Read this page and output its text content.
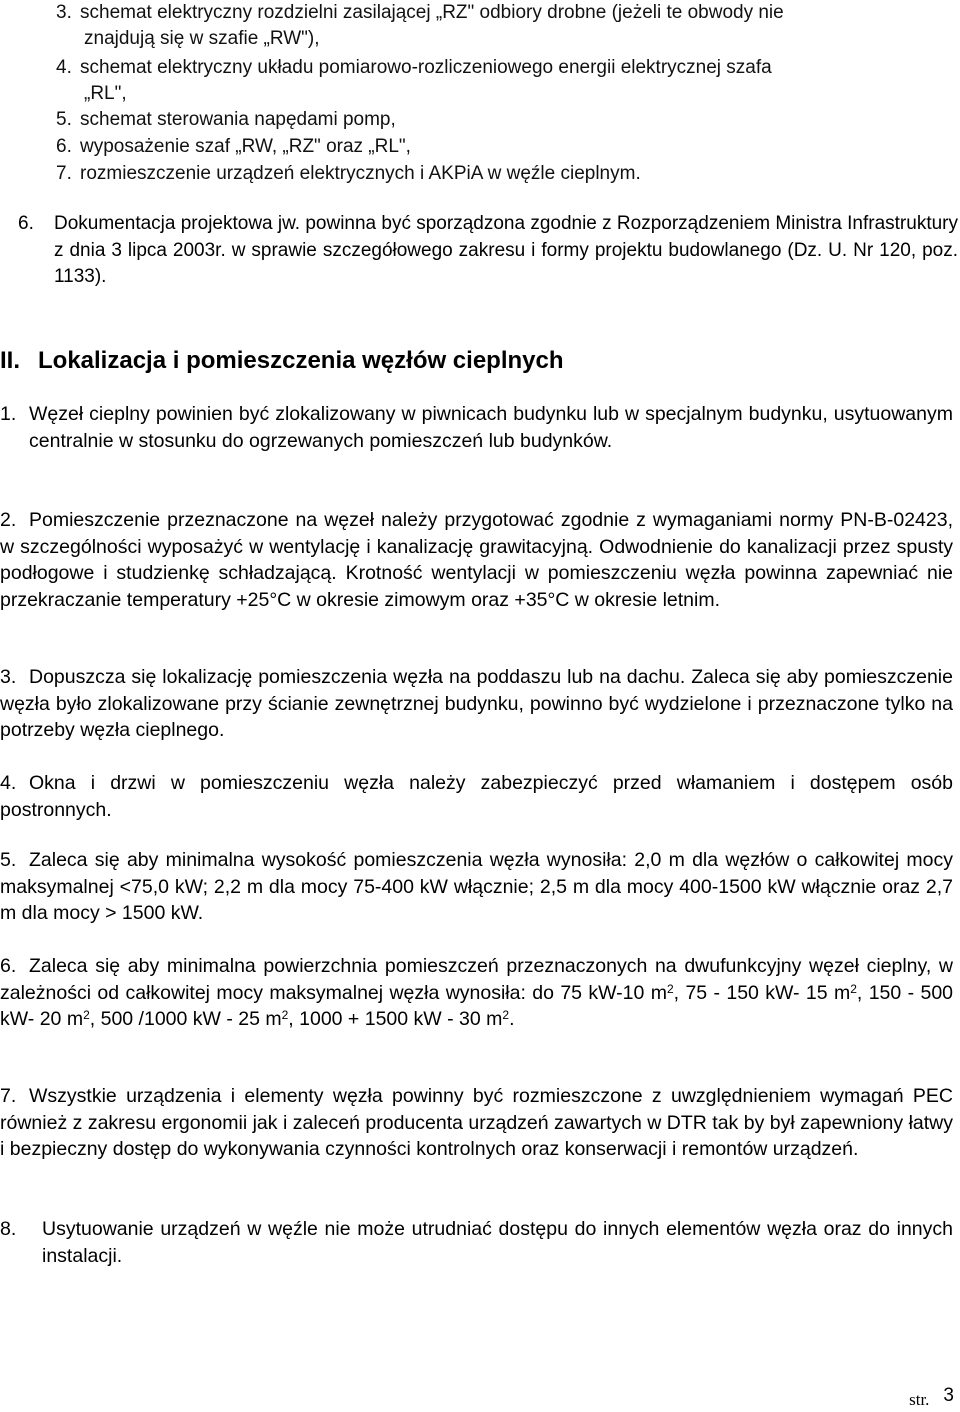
3. schemat elektryczny rozdzielni zasilającej „RZ" odbiory drobne (jeżeli te obwody nie
znajdują się w szafie „RW"),
4. schemat elektryczny układu pomiarowo-rozliczeniowego energii elektrycznej szafa
„RL",
5. schemat sterowania napędami pomp,
6. wyposażenie szaf „RW, „RZ" oraz „RL",
7. rozmieszczenie urządzeń elektrycznych i AKPiA w węźle cieplnym.
6.	Dokumentacja projektowa jw. powinna być sporządzona zgodnie z Rozporządzeniem Ministra Infrastruktury z dnia 3 lipca 2003r. w sprawie szczegółowego zakresu i formy projektu budowlanego (Dz. U. Nr 120, poz. 1133).
II. Lokalizacja i pomieszczenia węzłów cieplnych
1. Węzeł cieplny powinien być zlokalizowany w piwnicach budynku lub w specjalnym budynku, usytuowanym centralnie w stosunku do ogrzewanych pomieszczeń lub budynków.
2. Pomieszczenie przeznaczone na węzeł należy przygotować zgodnie z wymaganiami normy PN-B-02423, w szczególności wyposażyć w wentylację i kanalizację grawitacyjną. Odwodnienie do kanalizacji przez spusty podłogowe i studzienkę schładzającą. Krotność wentylacji w pomieszczeniu węzła powinna zapewniać nie przekraczanie temperatury +25°C w okresie zimowym oraz +35°C w okresie letnim.
3. Dopuszcza się lokalizację pomieszczenia węzła na poddaszu lub na dachu. Zaleca się aby pomieszczenie węzła było zlokalizowane przy ścianie zewnętrznej budynku, powinno być wydzielone i przeznaczone tylko na potrzeby węzła cieplnego.
4. Okna i drzwi w pomieszczeniu węzła należy zabezpieczyć przed włamaniem i dostępem osób postronnych.
5. Zaleca się aby minimalna wysokość pomieszczenia węzła wynosiła: 2,0 m dla węzłów o całkowitej mocy maksymalnej <75,0 kW; 2,2 m dla mocy 75-400 kW włącznie; 2,5 m dla mocy 400-1500 kW włącznie oraz 2,7 m dla mocy > 1500 kW.
6. Zaleca się aby minimalna powierzchnia pomieszczeń przeznaczonych na dwufunkcyjny węzeł cieplny, w zależności od całkowitej mocy maksymalnej węzła wynosiła: do 75 kW-10 $m^2$, 75 - 150 kW- 15 $m^2$, 150 - 500 kW- 20 $m^2$, 500 /1000 kW - 25 $m^2$, 1000 + 1500 kW - 30 $m^2$.
7. Wszystkie urządzenia i elementy węzła powinny być rozmieszczone z uwzględnieniem wymagań PEC również z zakresu ergonomii jak i zaleceń producenta urządzeń zawartych w DTR tak by był zapewniony łatwy i bezpieczny dostęp do wykonywania czynności kontrolnych oraz konserwacji i remontów urządzeń.
8. Usytuowanie urządzeń w węźle nie może utrudniać dostępu do innych elementów węzła oraz do innych instalacji.
str. 3
